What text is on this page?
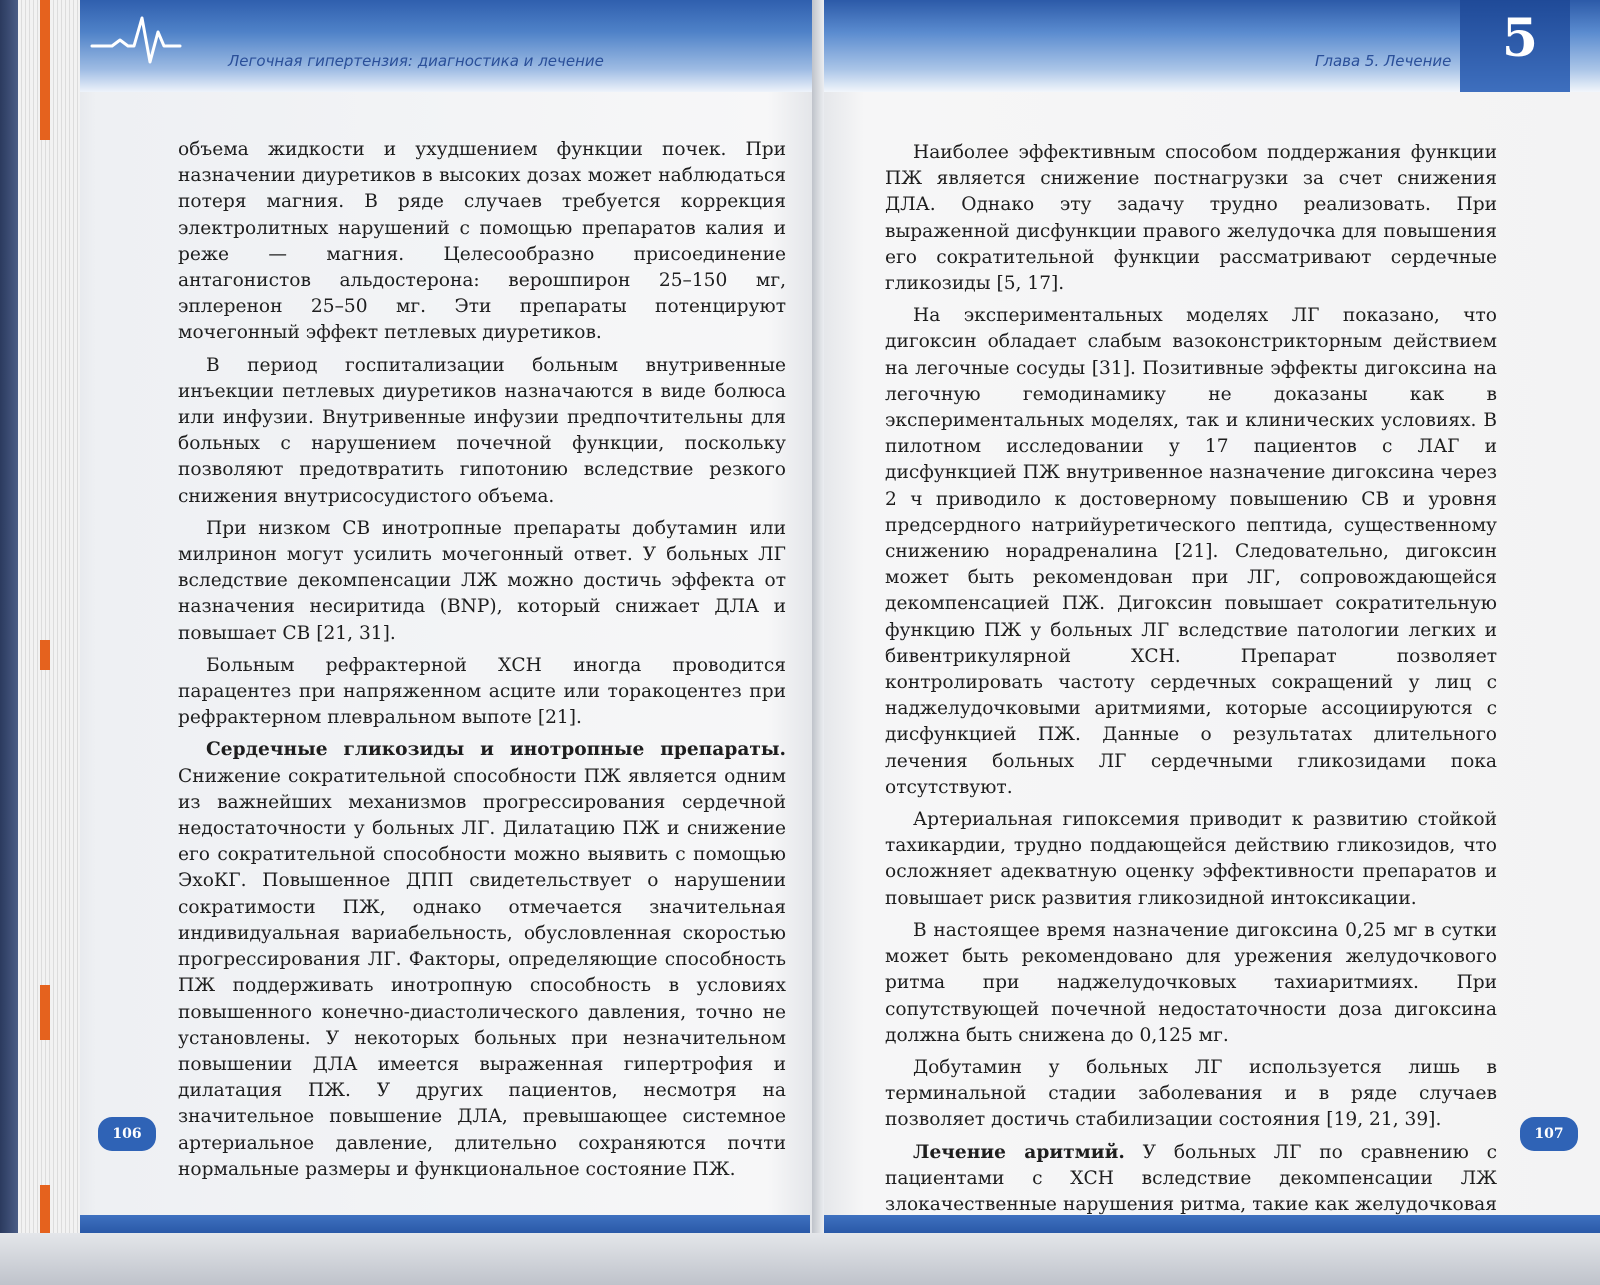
Легочная гипертензия: диагностика и лечение	5
Глава 5. Лечение

объема жидкости и ухудшением функции почек. При назначении диуретиков в высоких дозах может наблюдаться потеря магния. В ряде случаев требуется коррекция электролитных нарушений с помощью препаратов калия и реже — магния. Целесообразно присоединение антагонистов альдостерона: верошпирон 25–150 мг, эплеренон 25–50 мг. Эти препараты потенцируют мочегонный эффект петлевых диуретиков.

В период госпитализации больным внутривенные инъекции петлевых диуретиков назначаются в виде болюса или инфузии. Внутривенные инфузии предпочтительны для больных с нарушением почечной функции, поскольку позволяют предотвратить гипотонию вследствие резкого снижения внутрисосудистого объема.

При низком СВ инотропные препараты добутамин или милринон могут усилить мочегонный ответ. У больных ЛГ вследствие декомпенсации ЛЖ можно достичь эффекта от назначения несиритида (BNP), который снижает ДЛА и повышает СВ [21, 31].

Больным рефрактерной ХСН иногда проводится парацентез при напряженном асците или торакоцентез при рефрактерном плевральном выпоте [21].

Сердечные гликозиды и инотропные препараты. Снижение сократительной способности ПЖ является одним из важнейших механизмов прогрессирования сердечной недостаточности у больных ЛГ. Дилатацию ПЖ и снижение его сократительной способности можно выявить с помощью ЭхоКГ. Повышенное ДПП свидетельствует о нарушении сократимости ПЖ, однако отмечается значительная индивидуальная вариабельность, обусловленная скоростью прогрессирования ЛГ. Факторы, определяющие способность ПЖ поддерживать инотропную способность в условиях повышенного конечно-диастолического давления, точно не установлены. У некоторых больных при незначительном повышении ДЛА имеется выраженная гипертрофия и дилатация ПЖ. У других пациентов, несмотря на значительное повышение ДЛА, превышающее системное артериальное давление, длительно сохраняются почти нормальные размеры и функциональное состояние ПЖ.

Наиболее эффективным способом поддержания функции ПЖ является снижение постнагрузки за счет снижения ДЛА. Однако эту задачу трудно реализовать. При выраженной дисфункции правого желудочка для повышения его сократительной функции рассматривают сердечные гликозиды [5, 17].

На экспериментальных моделях ЛГ показано, что дигоксин обладает слабым вазоконстрикторным действием на легочные сосуды [31]. Позитивные эффекты дигоксина на легочную гемодинамику не доказаны как в экспериментальных моделях, так и клинических условиях. В пилотном исследовании у 17 пациентов с ЛАГ и дисфункцией ПЖ внутривенное назначение дигоксина через 2 ч приводило к достоверному повышению СВ и уровня предсердного натрийуретического пептида, существенному снижению норадреналина [21]. Следовательно, дигоксин может быть рекомендован при ЛГ, сопровождающейся декомпенсацией ПЖ. Дигоксин повышает сократительную функцию ПЖ у больных ЛГ вследствие патологии легких и бивентрикулярной ХСН. Препарат позволяет контролировать частоту сердечных сокращений у лиц с наджелудочковыми аритмиями, которые ассоциируются с дисфункцией ПЖ. Данные о результатах длительного лечения больных ЛГ сердечными гликозидами пока отсутствуют.

Артериальная гипоксемия приводит к развитию стойкой тахикардии, трудно поддающейся действию гликозидов, что осложняет адекватную оценку эффективности препаратов и повышает риск развития гликозидной интоксикации.

В настоящее время назначение дигоксина 0,25 мг в сутки может быть рекомендовано для урежения желудочкового ритма при наджелудочковых тахиаритмиях. При сопутствующей почечной недостаточности доза дигоксина должна быть снижена до 0,125 мг.

Добутамин у больных ЛГ используется лишь в терминальной стадии заболевания и в ряде случаев позволяет достичь стабилизации состояния [19, 21, 39].

Лечение аритмий. У больных ЛГ по сравнению с пациентами с ХСН вследствие декомпенсации ЛЖ злокачественные нарушения ритма, такие как желудочковая

106	107
